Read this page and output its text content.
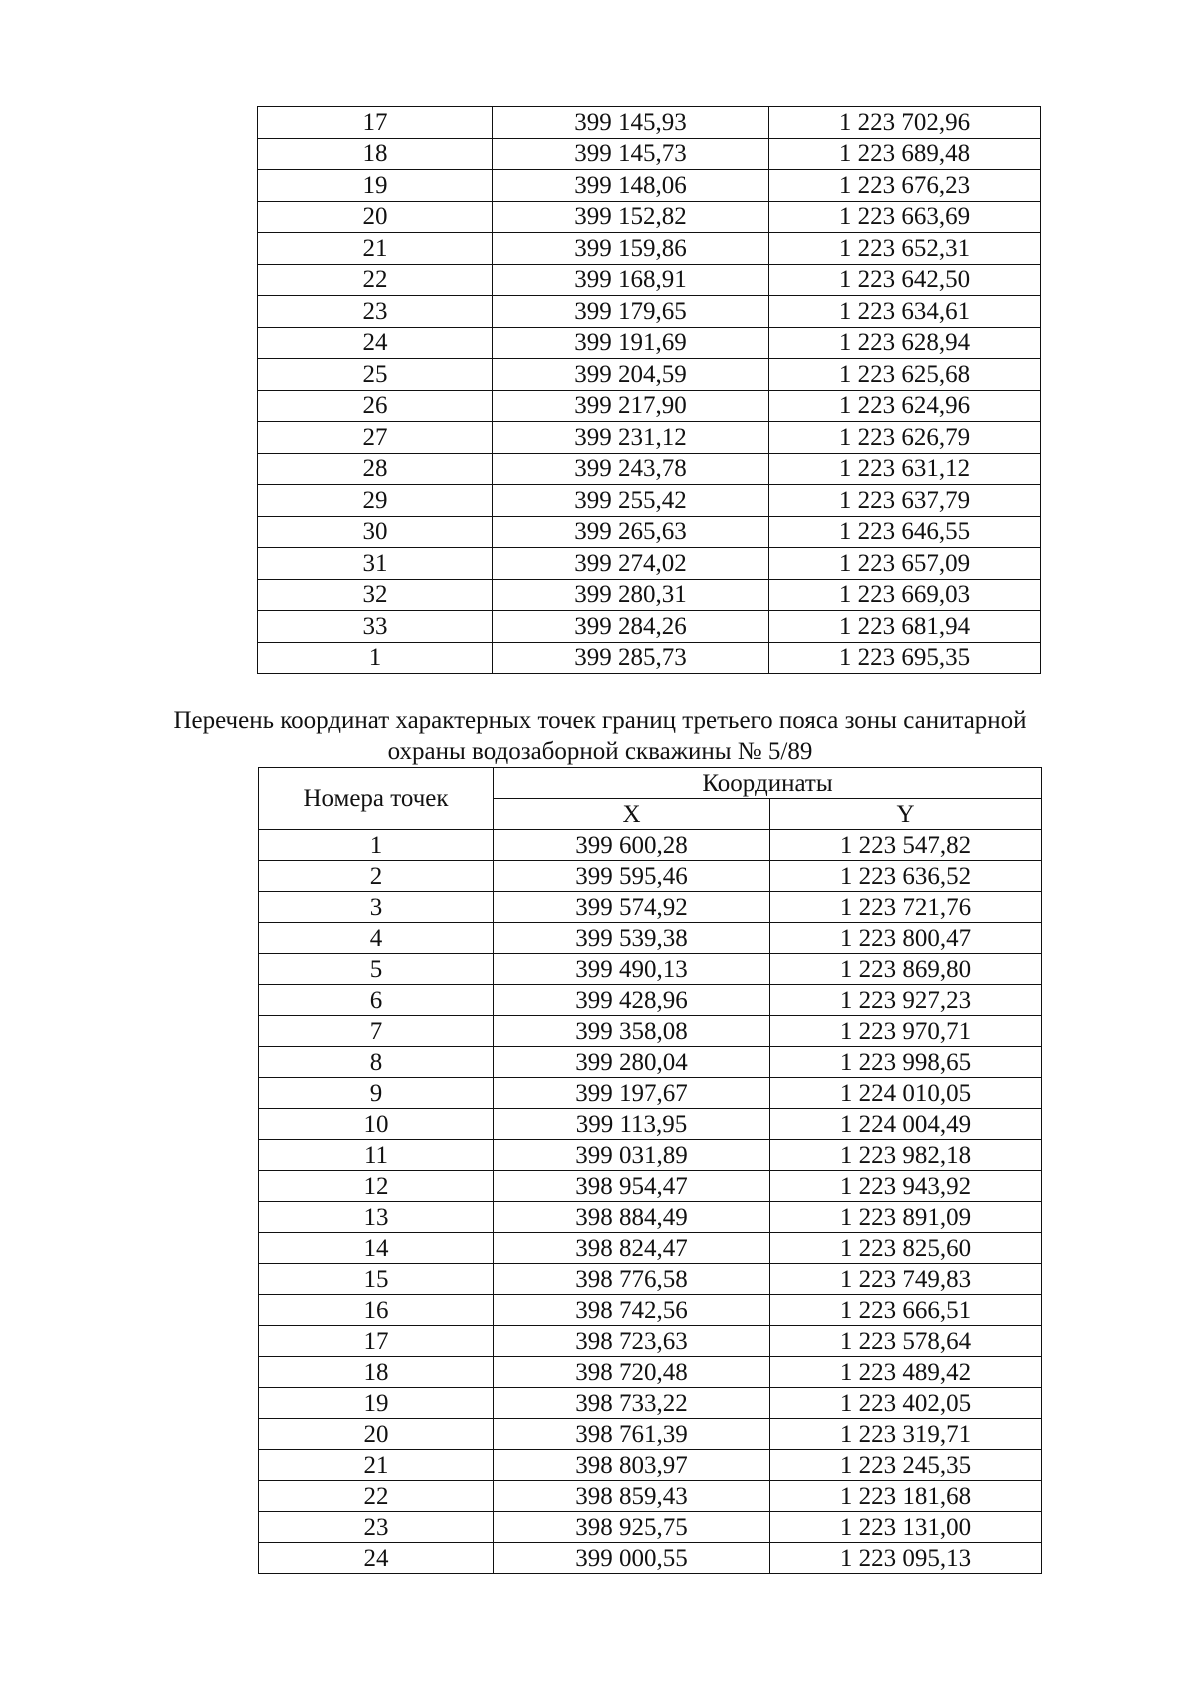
17	399 145,93	1 223 702,96
18	399 145,73	1 223 689,48
19	399 148,06	1 223 676,23
20	399 152,82	1 223 663,69
21	399 159,86	1 223 652,31
22	399 168,91	1 223 642,50
23	399 179,65	1 223 634,61
24	399 191,69	1 223 628,94
25	399 204,59	1 223 625,68
26	399 217,90	1 223 624,96
27	399 231,12	1 223 626,79
28	399 243,78	1 223 631,12
29	399 255,42	1 223 637,79
30	399 265,63	1 223 646,55
31	399 274,02	1 223 657,09
32	399 280,31	1 223 669,03
33	399 284,26	1 223 681,94
1	399 285,73	1 223 695,35
Перечень координат характерных точек границ третьего пояса зоны санитарной
охраны водозаборной скважины № 5/89
Номера точек	Координаты	
	X	Y
1	399 600,28	1 223 547,82
2	399 595,46	1 223 636,52
3	399 574,92	1 223 721,76
4	399 539,38	1 223 800,47
5	399 490,13	1 223 869,80
6	399 428,96	1 223 927,23
7	399 358,08	1 223 970,71
8	399 280,04	1 223 998,65
9	399 197,67	1 224 010,05
10	399 113,95	1 224 004,49
11	399 031,89	1 223 982,18
12	398 954,47	1 223 943,92
13	398 884,49	1 223 891,09
14	398 824,47	1 223 825,60
15	398 776,58	1 223 749,83
16	398 742,56	1 223 666,51
17	398 723,63	1 223 578,64
18	398 720,48	1 223 489,42
19	398 733,22	1 223 402,05
20	398 761,39	1 223 319,71
21	398 803,97	1 223 245,35
22	398 859,43	1 223 181,68
23	398 925,75	1 223 131,00
24	399 000,55	1 223 095,13
